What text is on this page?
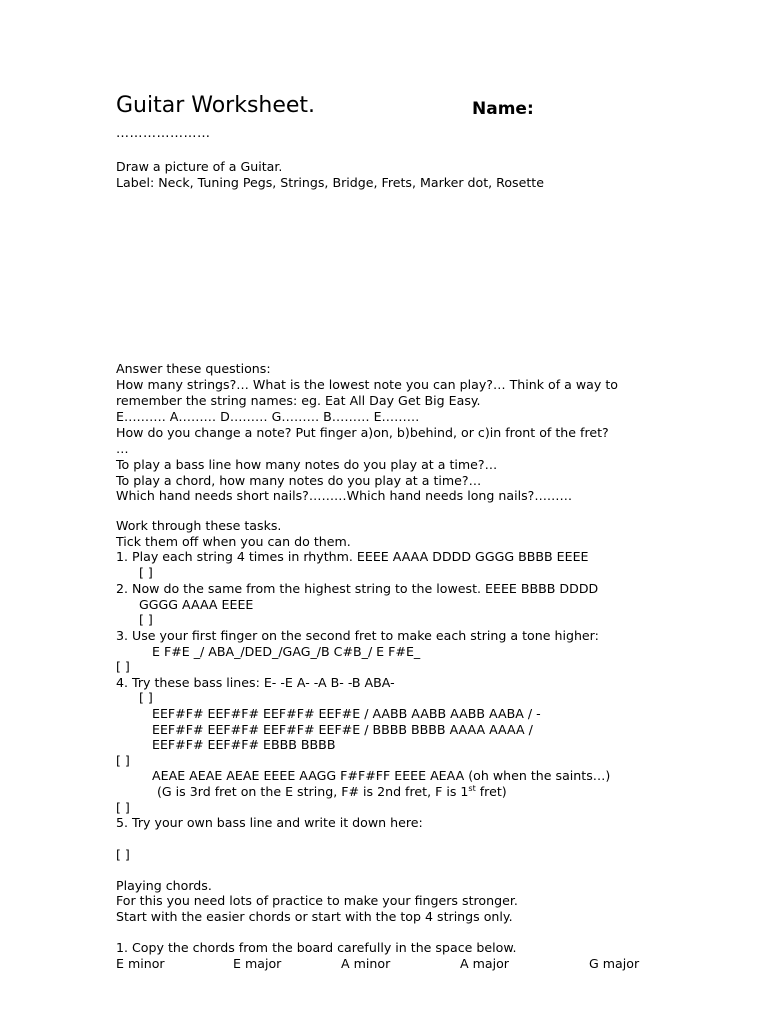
Guitar Worksheet.	Name:
…………………
Draw a picture of a Guitar.
Label: Neck, Tuning Pegs, Strings, Bridge, Frets, Marker dot, Rosette
Answer these questions:
How many strings?… What is the lowest note you can play?… Think of a way to
remember the string names: eg. Eat All Day Get Big Easy.
E………. A……… D……… G……… B……… E………
How do you change a note? Put finger a)on, b)behind, or c)in front of the fret?
…
To play a bass line how many notes do you play at a time?…
To play a chord, how many notes do you play at a time?…
Which hand needs short nails?………Which hand needs long nails?………
Work through these tasks.
Tick them off when you can do them.
1. Play each string 4 times in rhythm. EEEE AAAA DDDD GGGG BBBB EEEE
[ ]
2. Now do the same from the highest string to the lowest. EEEE BBBB DDDD
GGGG AAAA EEEE
[ ]
3. Use your first finger on the second fret to make each string a tone higher:
E F#E _/ ABA_/DED_/GAG_/B C#B_/ E F#E_
[ ]
4. Try these bass lines: E- -E A- -A B- -B ABA-
[ ]
EEF#F# EEF#F# EEF#F# EEF#E / AABB AABB AABB AABA / -
EEF#F# EEF#F# EEF#F# EEF#E / BBBB BBBB AAAA AAAA /
EEF#F# EEF#F# EBBB BBBB
[ ]
AEAE AEAE AEAE EEEE AAGG F#F#FF EEEE AEAA (oh when the saints…)
(G is 3rd fret on the E string, F# is 2nd fret, F is 1st fret)
[ ]
5. Try your own bass line and write it down here:
[ ]
Playing chords.
For this you need lots of practice to make your fingers stronger.
Start with the easier chords or start with the top 4 strings only.
1. Copy the chords from the board carefully in the space below.
E minor	E major	A minor	A major	G major
